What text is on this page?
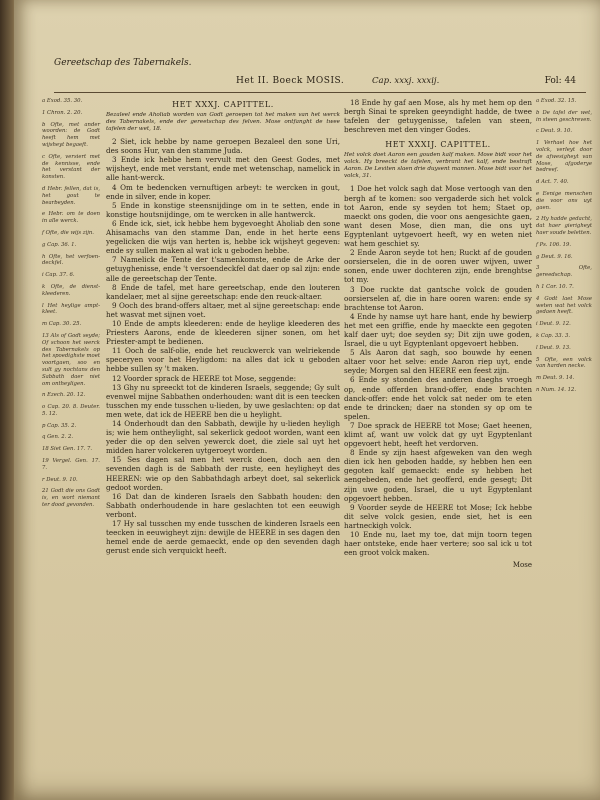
Gereetschap des Tabernakels.
Het II. Boeck MOSIS.	Cap. xxxj. xxxij.	Fol: 44
a Exod. 35. 30.
1 Chron. 2. 20.
b Ofte, met ander woorden: de Godt heeft hem met wijsheyt begaeft.
c Ofte, versiert met de kennisse, ende het verstant der konsten.
d Hebr. fellen, dat is, het gout te bearbeyden.
e Hebr. om te doen in alle werck.
f Ofte, die wijs zijn.
g Cap. 36. 1.
h Ofte, het verfoen-deckfel.
i Cap. 37. 6.
k Ofte, de dienst-kleederen.
l Het heylige ampt-kleet.
m Cap. 30. 25.
13 Als of Godt seyde; Of schoon het werck des Tabernakels op het spoedighste moet voortgaen, soo en sult gy nochtans den Sabbath daer niet om ontheyligen.
n Ezech. 20. 12.
o Cap. 20. 8. Deuter. 5. 12.
p Cap. 35. 2.
q Gen. 2. 2.
18 Siet Gen. 17. 7.
19 Vergel. Gen. 17. 7.
r Deut. 9. 10.
21 Godt die ons Godt is, en wort niemant ter dood gevonden.
HET XXXJ. CAPITTEL.
Bezaleel ende Aholiab worden van Godt geroepen tot het maken van het werck des Tabernakels, ende der gereetschap des felven. Mose ontfanght de twee tafelen der wet, 18.
2 Siet, ick hebbe by name geroepen Bezaleel den sone Uri, des soons Hur, van den stamme Juda.
3 Ende ick hebbe hem vervult met den Geest Godes, met wijsheyt, ende met verstant, ende met wetenschap, namelick in alle hant-werck.
4 Om te bedencken vernuftigen arbeyt: te wercken in gout, ende in silver, ende in koper.
5 Ende in konstige steensnijdinge om in te setten, ende in konstige houtsnijdinge, om te wercken in alle hantwerck.
6 Ende ick, siet, ick hebbe hem bygevoeght Aholiab den sone Ahisamachs van den stamme Dan, ende in het herte eens yegelicken die wijs van herten is, hebbe ick wijsheyt gegeven: ende sy sullen maken al wat ick u geboden hebbe.
7 Namelick de Tente der t'samenkomste, ende de Arke der getuyghenisse, ende 't versoendeckfel dat daer op sal zijn: ende alle de gereetschap der Tente.
8 Ende de tafel, met hare gereetschap, ende den louteren kandelaer, met al sijne gereetschap: ende den reuck-altaer.
9 Ooch des brand-offers altaer, met al sijne gereetschap: ende het wasvat met sijnen voet.
10 Ende de ampts kleederen: ende de heylige kleederen des Priesters Aarons, ende de kleederen sijner sonen, om het Priester-ampt te bedienen.
11 Ooch de salf-olie, ende het reuckwerck van welriekende speceryen voor het Heyligdom: na alles dat ick u geboden hebbe sullen sy 't maken.
12 Voorder sprack de HEERE tot Mose, seggende:
13 Ghy nu spreeckt tot de kinderen Israels, seggende; Gy sult evenwel mijne Sabbathen onderhouden: want dit is een teecken tusschen my ende tusschen u-lieden, by uwe geslachten: op dat men wete, dat ick de HEERE ben die u heylight.
14 Onderhoudt dan den Sabbath, dewijle hy u-lieden heyligh is; wie hem ontheylight, sal sekerlick gedoot worden, want een yeder die op den selven yewerck doet, die ziele sal uyt het midden harer volckeren uytgeroeyt worden.
15 Ses dagen sal men het werck doen, doch aen den sevenden dagh is de Sabbath der ruste, een heyligheyt des HEEREN: wie op den Sabbathdagh arbeyt doet, sal sekerlick gedoot worden.
16 Dat dan de kinderen Israels den Sabbath houden: den Sabbath onderhoudende in hare geslachten tot een eeuwigh verbont.
17 Hy sal tusschen my ende tusschen de kinderen Israels een teecken in eeuwigheyt zijn: dewijle de HEERE in ses dagen den hemel ende de aerde gemaeckt, ende op den sevenden dagh gerust ende sich verquickt heeft.
18 Ende hy gaf aen Mose, als hy met hem op den bergh Sinai te spreken geeyndight hadde, de twee tafelen der getuygenisse, tafelen van steen, beschreven met den vinger Godes.
HET XXXIJ. CAPITTEL.
Het volck doet Aaron een gouden kalf maken. Mose bidt voor het volck. Hy breeckt de tafelen, verbrant het kalf, ende bestraft Aaron. De Leviten slaen drie duysent mannen. Mose bidt voor het volck, 31.
1 Doe het volck sagh dat Mose vertoogh van den bergh af te komen: soo vergaderde sich het volck tot Aaron, ende sy seyden tot hem; Staet op, maeckt ons goden, die voor ons aengesichte gaen, want desen Mose, dien man, die ons uyt Egyptenlant uytgevoert heeft, wy en weten niet wat hem geschiet sy.
2 Ende Aaron seyde tot hen; Ruckt af de gouden oorsierselen, die in de ooren uwer wijven, uwer sonen, ende uwer dochteren zijn, ende brenghtse tot my.
3 Doe ruckte dat gantsche volck de gouden oorsierselen af, die in hare ooren waren: ende sy brachtense tot Aaron.
4 Ende hy namse uyt hare hant, ende hy bewierp het met een griffie, ende hy maeckte een gegoten kalf daer uyt; doe seyden sy; Dit zijn uwe goden, Israel, die u uyt Egyptenlant opgevoert hebben.
5 Als Aaron dat sagh, soo bouwde hy eenen altaer voor het selve: ende Aaron riep uyt, ende seyde; Morgen sal den HEERE een feest zijn.
6 Ende sy stonden des anderen daeghs vroegh op, ende offerden brand-offer, ende brachten danck-offer: ende het volck sat neder om te eten ende te drincken; daer na stonden sy op om te spelen.
7 Doe sprack de HEERE tot Mose; Gaet heenen, klimt af, want uw volck dat gy uyt Egyptenlant opgevoert hebt, heeft het verdorven.
8 Ende sy zijn haest afgeweken van den wegh dien ick hen geboden hadde, sy hebben hen een gegoten kalf gemaeckt: ende sy hebben het aengebeden, ende het geofferd, ende gesegt; Dit zijn uwe goden, Israel, die u uyt Egyptenlant opgevoert hebben.
9 Voorder seyde de HEERE tot Mose; Ick hebbe dit selve volck gesien, ende siet, het is een hartneckigh volck.
10 Ende nu, laet my toe, dat mijn toorn tegen haer ontsteke, ende haer vertere; soo sal ick u tot een groot volck maken.
Mose
a Exod. 32. 15.
b De tafel der wet, in steen geschreven.
c Deut. 9. 10.
1 Verhael hoe het volck, verleyt door de afwesigheyt van Mose, afgoderye bedreef.
d Act. 7. 40.
e Eenige menschen die voor ons uyt gaen.
2 Hy hadde gedacht, dat haer gierigheyt haer soude beletten.
f Ps. 106. 19.
g Deut. 9. 16.
3 Ofte, gereedschap.
h 1 Cor. 10. 7.
4 Godt laet Mose weten wat het volck gedaen heeft.
i Deut. 9. 12.
k Cap. 33. 3.
l Deut. 9. 13.
5 Ofte, een volck van harden necke.
m Deut. 9. 14.
n Num. 14. 12.
